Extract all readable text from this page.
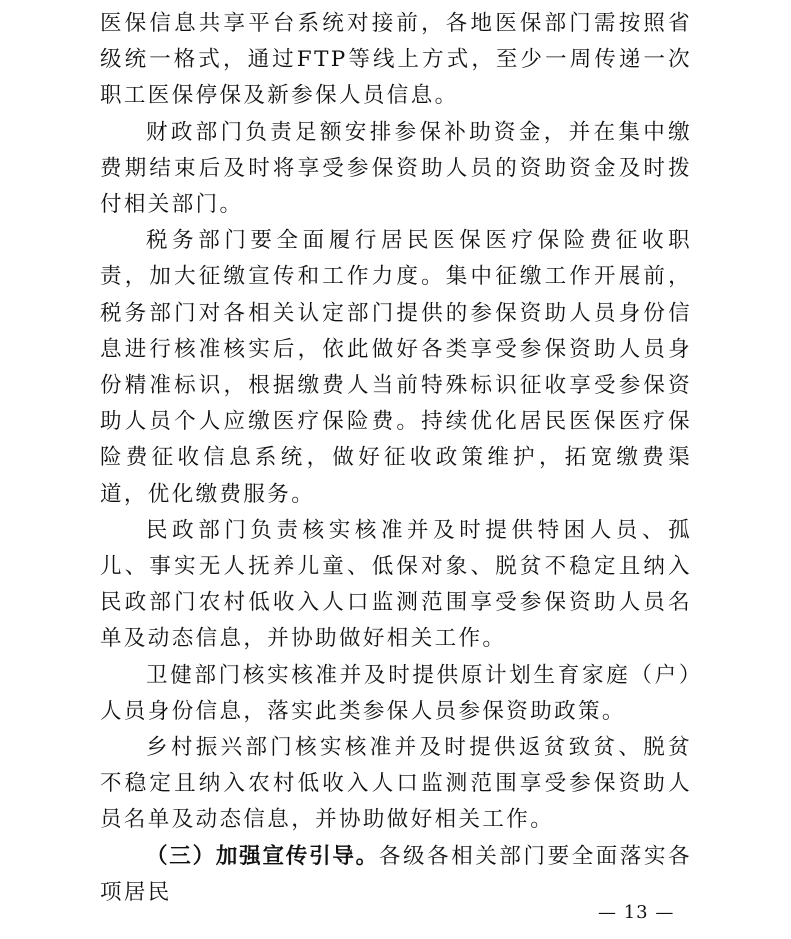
医保信息共享平台系统对接前，各地医保部门需按照省级统一格式，通过FTP等线上方式，至少一周传递一次职工医保停保及新参保人员信息。

财政部门负责足额安排参保补助资金，并在集中缴费期结束后及时将享受参保资助人员的资助资金及时拨付相关部门。

税务部门要全面履行居民医保医疗保险费征收职责，加大征缴宣传和工作力度。集中征缴工作开展前，税务部门对各相关认定部门提供的参保资助人员身份信息进行核准核实后，依此做好各类享受参保资助人员身份精准标识，根据缴费人当前特殊标识征收享受参保资助人员个人应缴医疗保险费。持续优化居民医保医疗保险费征收信息系统，做好征收政策维护，拓宽缴费渠道，优化缴费服务。

民政部门负责核实核准并及时提供特困人员、孤儿、事实无人抚养儿童、低保对象、脱贫不稳定且纳入民政部门农村低收入人口监测范围享受参保资助人员名单及动态信息，并协助做好相关工作。

卫健部门核实核准并及时提供原计划生育家庭（户）人员身份信息，落实此类参保人员参保资助政策。

乡村振兴部门核实核准并及时提供返贫致贫、脱贫不稳定且纳入农村低收入人口监测范围享受参保资助人员名单及动态信息，并协助做好相关工作。

（三）加强宣传引导。各级各相关部门要全面落实各项居民

— 13 —
